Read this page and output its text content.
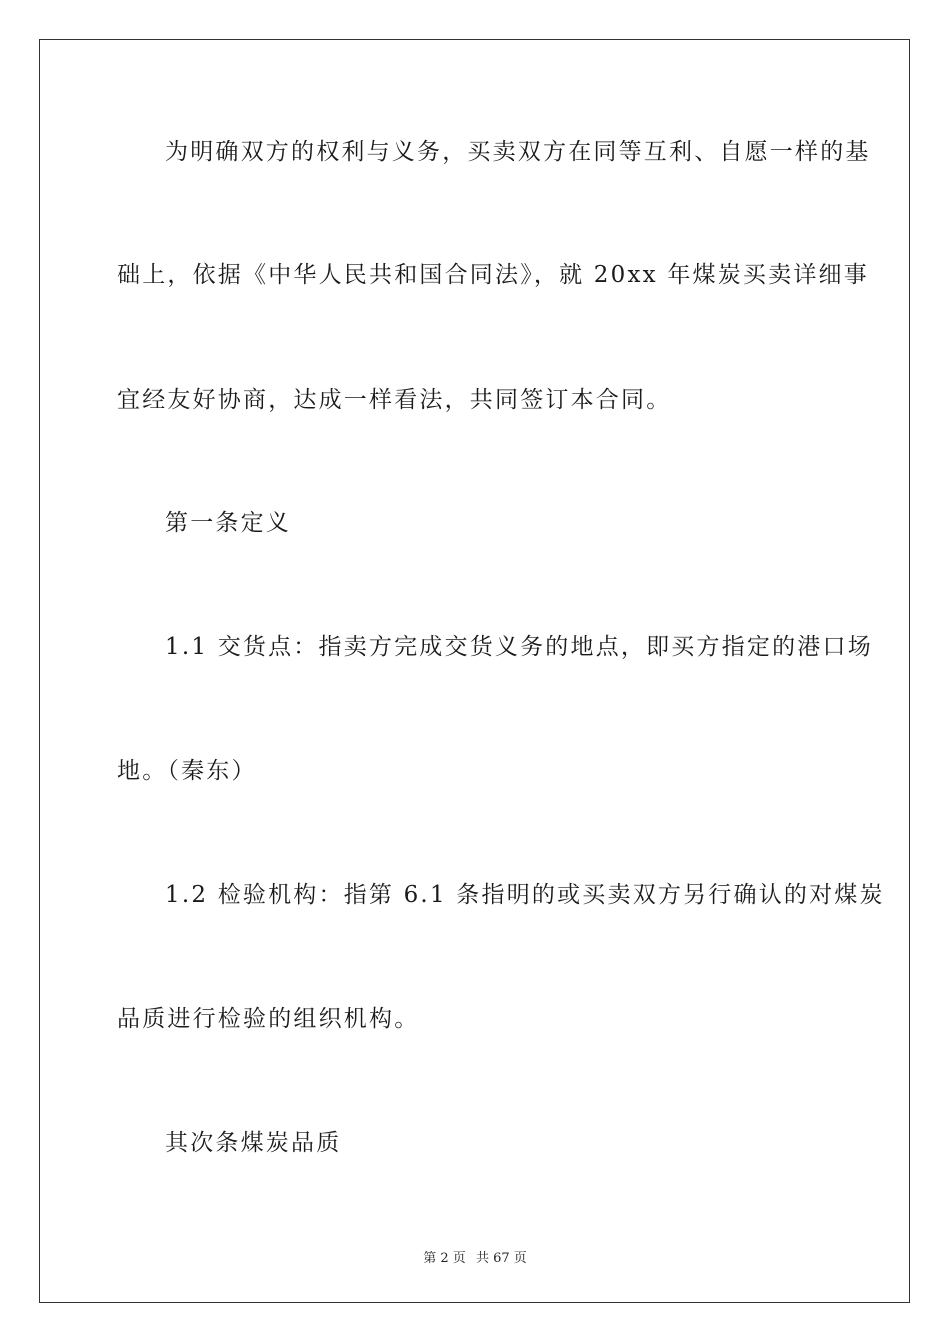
为明确双方的权利与义务，买卖双方在同等互利、自愿一样的基
础上，依据《中华人民共和国合同法》，就 20xx 年煤炭买卖详细事
宜经友好协商，达成一样看法，共同签订本合同。
第一条定义
1.1 交货点：指卖方完成交货义务的地点，即买方指定的港口场
地。（秦东）
1.2 检验机构：指第 6.1 条指明的或买卖双方另行确认的对煤炭
品质进行检验的组织机构。
其次条煤炭品质
第 2 页 共 67 页
